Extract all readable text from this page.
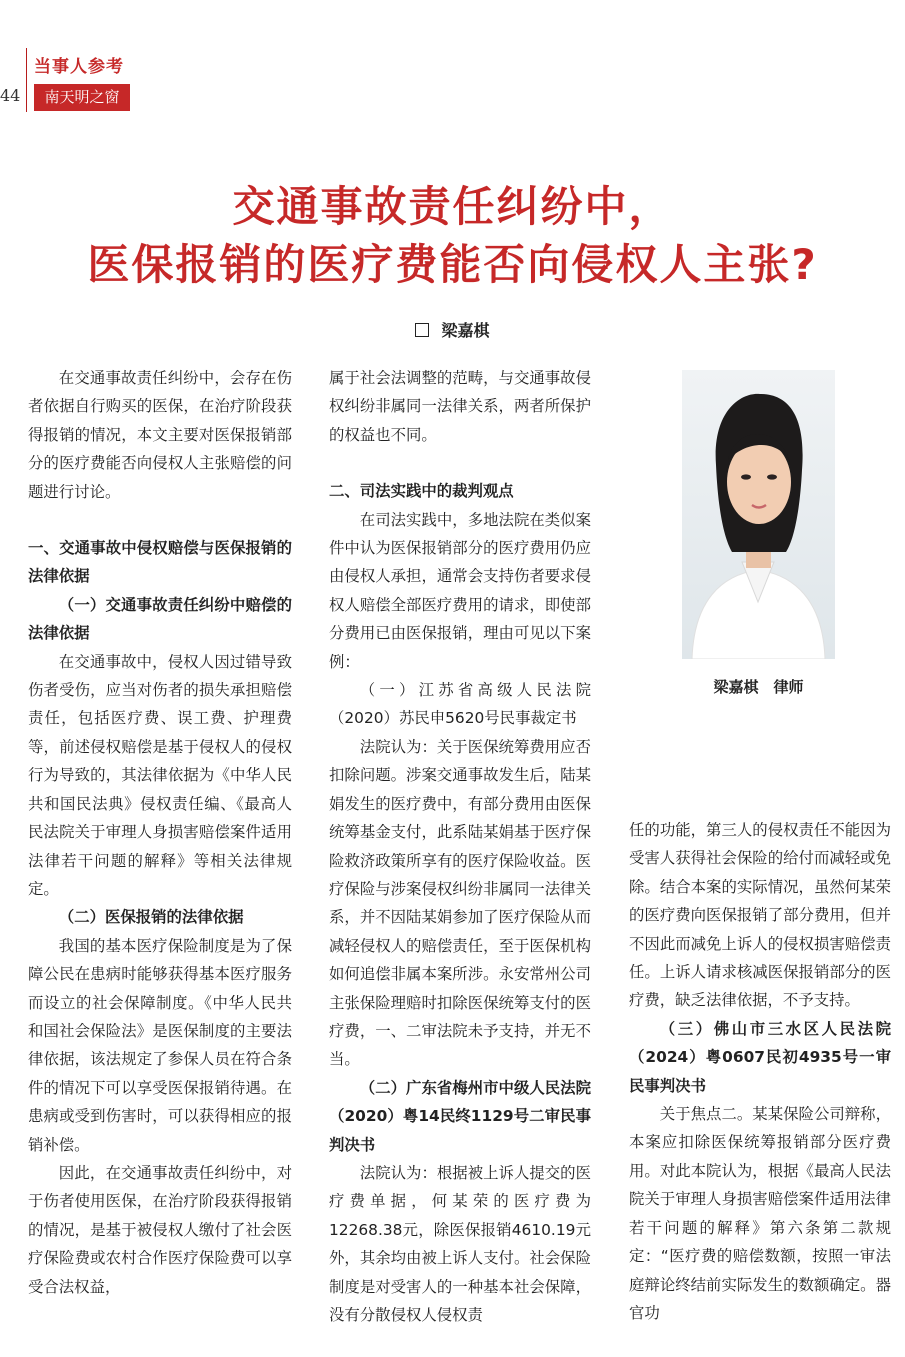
44
当事人参考
南天明之窗
交通事故责任纠纷中，
医保报销的医疗费能否向侵权人主张?
梁嘉棋

在交通事故责任纠纷中，会存在伤者依据自行购买的医保，在治疗阶段获得报销的情况，本文主要对医保报销部分的医疗费能否向侵权人主张赔偿的问题进行讨论。

一、交通事故中侵权赔偿与医保报销的法律依据

（一）交通事故责任纠纷中赔偿的法律依据

在交通事故中，侵权人因过错导致伤者受伤，应当对伤者的损失承担赔偿责任，包括医疗费、误工费、护理费等，前述侵权赔偿是基于侵权人的侵权行为导致的，其法律依据为《中华人民共和国民法典》侵权责任编、《最高人民法院关于审理人身损害赔偿案件适用法律若干问题的解释》等相关法律规定。

（二）医保报销的法律依据

我国的基本医疗保险制度是为了保障公民在患病时能够获得基本医疗服务而设立的社会保障制度。《中华人民共和国社会保险法》是医保制度的主要法律依据，该法规定了参保人员在符合条件的情况下可以享受医保报销待遇。在患病或受到伤害时，可以获得相应的报销补偿。

因此，在交通事故责任纠纷中，对于伤者使用医保，在治疗阶段获得报销的情况，是基于被侵权人缴付了社会医疗保险费或农村合作医疗保险费可以享受合法权益，

属于社会法调整的范畴，与交通事故侵权纠纷非属同一法律关系，两者所保护的权益也不同。

二、司法实践中的裁判观点

在司法实践中，多地法院在类似案件中认为医保报销部分的医疗费用仍应由侵权人承担，通常会支持伤者要求侵权人赔偿全部医疗费用的请求，即使部分费用已由医保报销，理由可见以下案例：

（一）江苏省高级人民法院（2020）苏民申5620号民事裁定书

法院认为：关于医保统筹费用应否扣除问题。涉案交通事故发生后，陆某娟发生的医疗费中，有部分费用由医保统筹基金支付，此系陆某娟基于医疗保险救济政策所享有的医疗保险收益。医疗保险与涉案侵权纠纷非属同一法律关系，并不因陆某娟参加了医疗保险从而减轻侵权人的赔偿责任，至于医保机构如何追偿非属本案所涉。永安常州公司主张保险理赔时扣除医保统筹支付的医疗费，一、二审法院未予支持，并无不当。

（二）广东省梅州市中级人民法院（2020）粤14民终1129号二审民事判决书

法院认为：根据被上诉人提交的医疗费单据，何某荣的医疗费为12268.38元，除医保报销4610.19元外，其余均由被上诉人支付。社会保险制度是对受害人的一种基本社会保障，没有分散侵权人侵权责

梁嘉棋　律师

任的功能，第三人的侵权责任不能因为受害人获得社会保险的给付而减轻或免除。结合本案的实际情况，虽然何某荣的医疗费向医保报销了部分费用，但并不因此而减免上诉人的侵权损害赔偿责任。上诉人请求核减医保报销部分的医疗费，缺乏法律依据，不予支持。

（三）佛山市三水区人民法院（2024）粤0607民初4935号一审民事判决书

关于焦点二。某某保险公司辩称，本案应扣除医保统筹报销部分医疗费用。对此本院认为，根据《最高人民法院关于审理人身损害赔偿案件适用法律若干问题的解释》第六条第二款规定：“医疗费的赔偿数额，按照一审法庭辩论终结前实际发生的数额确定。器官功
